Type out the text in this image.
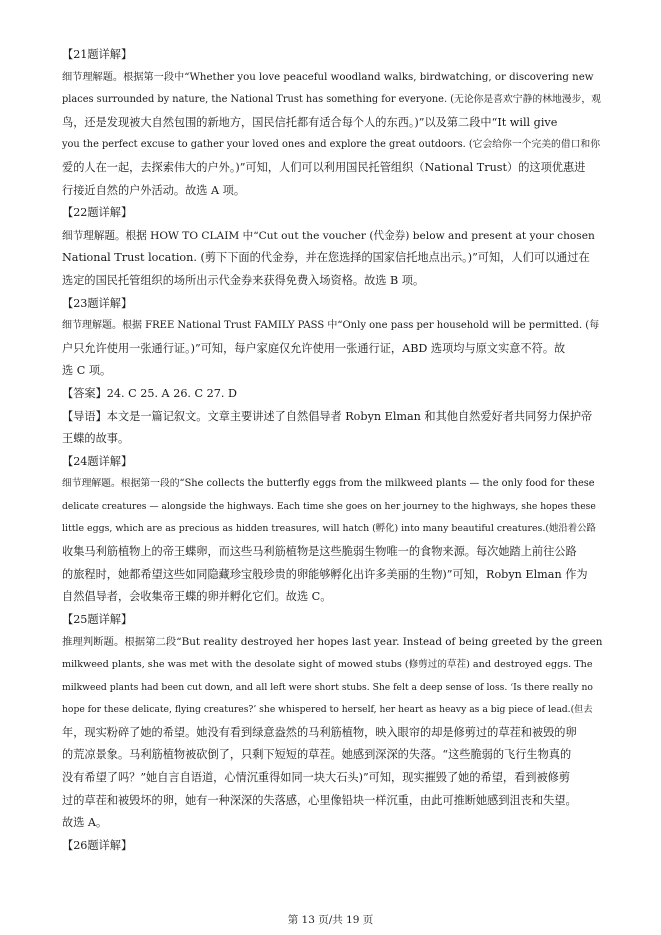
【21题详解】
细节理解题。根据第一段中“Whether you love peaceful woodland walks, birdwatching, or discovering new
places surrounded by nature, the National Trust has something for everyone. (无论你是喜欢宁静的林地漫步，观
鸟，还是发现被大自然包围的新地方，国民信托都有适合每个人的东西。)”以及第二段中“It will give
you the perfect excuse to gather your loved ones and explore the great outdoors. (它会给你一个完美的借口和你
爱的人在一起，去探索伟大的户外。)”可知，人们可以利用国民托管组织（National Trust）的这项优惠进
行接近自然的户外活动。故选 A 项。
【22题详解】
细节理解题。根据 HOW TO CLAIM 中“Cut out the voucher (代金券) below and present at your chosen
National Trust location. (剪下下面的代金券，并在您选择的国家信托地点出示。)”可知，人们可以通过在
选定的国民托管组织的场所出示代金券来获得免费入场资格。故选 B 项。
【23题详解】
细节理解题。根据 FREE National Trust FAMILY PASS 中“Only one pass per household will be permitted. (每
户只允许使用一张通行证。)”可知，每户家庭仅允许使用一张通行证，ABD 选项均与原文实意不符。故
选 C 项。
【答案】24. C 25. A 26. C 27. D
【导语】本文是一篇记叙文。文章主要讲述了自然倡导者 Robyn Elman 和其他自然爱好者共同努力保护帝
王蝶的故事。
【24题详解】
细节理解题。根据第一段的“She collects the butterfly eggs from the milkweed plants — the only food for these
delicate creatures — alongside the highways. Each time she goes on her journey to the highways, she hopes these
little eggs, which are as precious as hidden treasures, will hatch (孵化) into many beautiful creatures.(她沿着公路
收集马利筋植物上的帝王蝶卵，而这些马利筋植物是这些脆弱生物唯一的食物来源。每次她踏上前往公路
的旅程时，她都希望这些如同隐藏珍宝般珍贵的卵能够孵化出许多美丽的生物)”可知，Robyn Elman 作为
自然倡导者，会收集帝王蝶的卵并孵化它们。故选 C。
【25题详解】
推理判断题。根据第二段“But reality destroyed her hopes last year. Instead of being greeted by the green
milkweed plants, she was met with the desolate sight of mowed stubs (修剪过的草茬) and destroyed eggs. The
milkweed plants had been cut down, and all left were short stubs. She felt a deep sense of loss. ‘Is there really no
hope for these delicate, flying creatures?’ she whispered to herself, her heart as heavy as a big piece of lead.(但去
年，现实粉碎了她的希望。她没有看到绿意盎然的马利筋植物，映入眼帘的却是修剪过的草茬和被毁的卵
的荒凉景象。马利筋植物被砍倒了，只剩下短短的草茬。她感到深深的失落。“这些脆弱的飞行生物真的
没有希望了吗？”她自言自语道，心情沉重得如同一块大石头)”可知，现实摧毁了她的希望，看到被修剪
过的草茬和被毁坏的卵，她有一种深深的失落感，心里像铅块一样沉重，由此可推断她感到沮丧和失望。
故选 A。
【26题详解】
第 13 页/共 19 页
